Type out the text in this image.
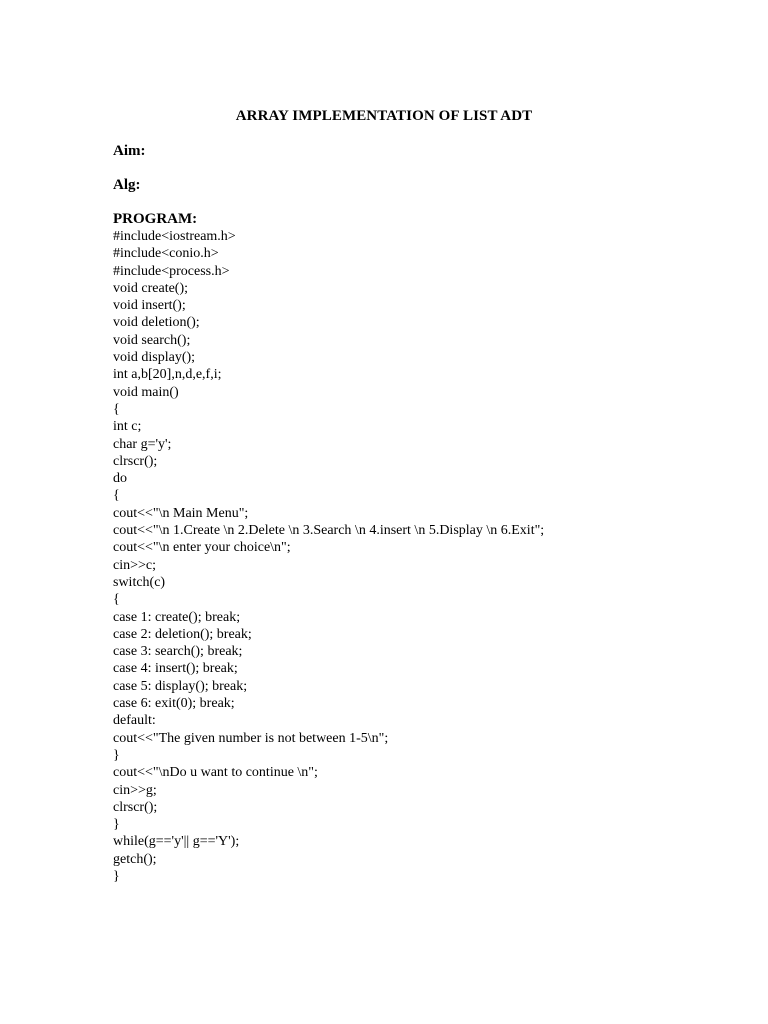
ARRAY IMPLEMENTATION OF LIST ADT
Aim:
Alg:
PROGRAM:
#include<iostream.h>
#include<conio.h>
#include<process.h>
void create();
void insert();
void deletion();
void search();
void display();
int a,b[20],n,d,e,f,i;
void main()
{
int c;
char g='y';
clrscr();
do
{
cout<<"\n Main Menu";
cout<<"\n 1.Create \n 2.Delete \n 3.Search \n 4.insert \n 5.Display \n 6.Exit";
cout<<"\n enter your choice\n";
cin>>c;
switch(c)
{
case 1: create(); break;
case 2: deletion(); break;
case 3: search(); break;
case 4: insert(); break;
case 5: display(); break;
case 6: exit(0); break;
default:
cout<<"The given number is not between 1-5\n";
}
cout<<"\nDo u want to continue \n";
cin>>g;
clrscr();
}
while(g=='y'|| g=='Y');
getch();
}
